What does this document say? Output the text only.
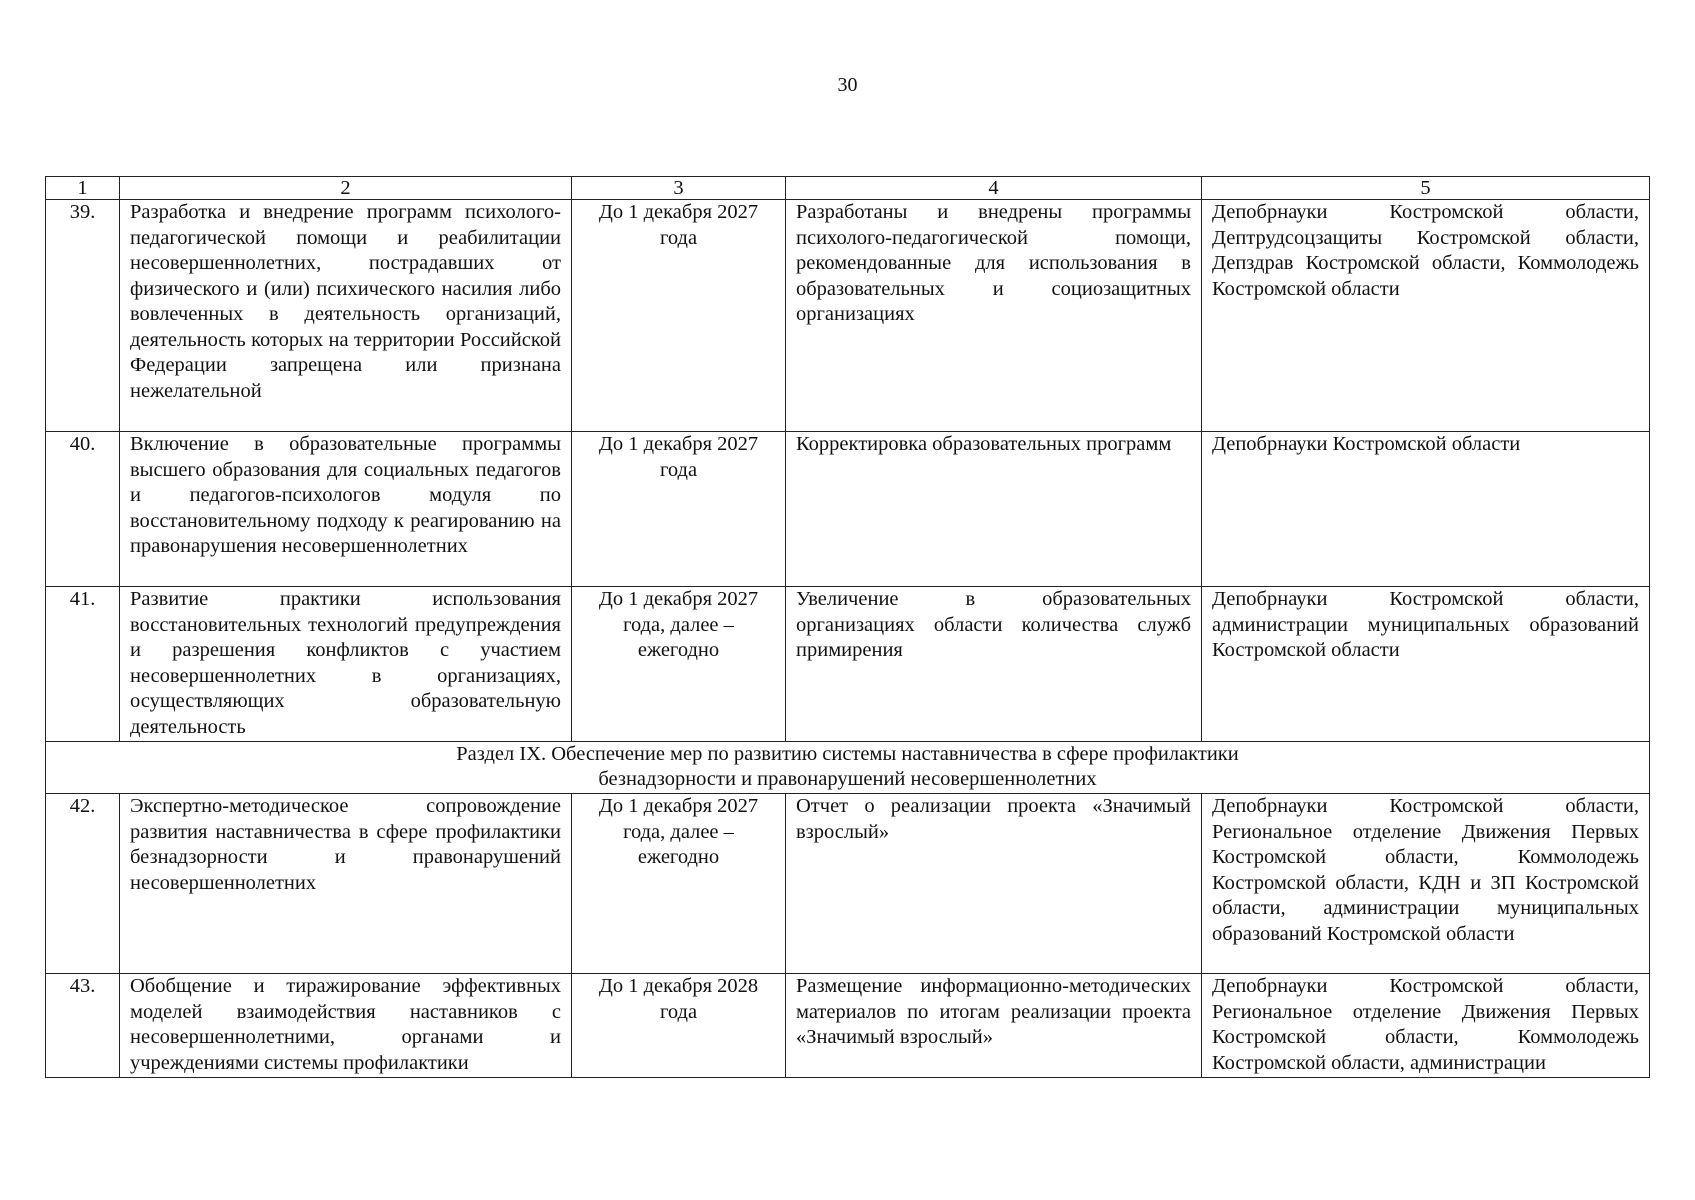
30
1	2	3	4	5
39.	Разработка и внедрение программ психолого-педагогической помощи и реабилитации несовершеннолетних, пострадавших от физического и (или) психического насилия либо вовлеченных в деятельность организаций, деятельность которых на территории Российской Федерации запрещена или признана нежелательной	До 1 декабря 2027 года	Разработаны и внедрены программы психолого-педагогической помощи, рекомендованные для использования в образовательных и социозащитных организациях	Депобрнауки Костромской области, Дептрудсоцзащиты Костромской области, Депздрав Костромской области, Коммолодежь Костромской области
40.	Включение в образовательные программы высшего образования для социальных педагогов и педагогов-психологов модуля по восстановительному подходу к реагированию на правонарушения несовершеннолетних	До 1 декабря 2027 года	Корректировка образовательных программ	Депобрнауки Костромской области
41.	Развитие практики использования восстановительных технологий предупреждения и разрешения конфликтов с участием несовершеннолетних в организациях, осуществляющих образовательную деятельность	До 1 декабря 2027 года, далее – ежегодно	Увеличение в образовательных организациях области количества служб примирения	Депобрнауки Костромской области, администрации муниципальных образований Костромской области

Раздел IX. Обеспечение мер по развитию системы наставничества в сфере профилактики
безнадзорности и правонарушений несовершеннолетних				

42.	Экспертно-методическое сопровождение развития наставничества в сфере профилактики безнадзорности и правонарушений несовершеннолетних	До 1 декабря 2027 года, далее – ежегодно	Отчет о реализации проекта «Значимый взрослый»	Депобрнауки Костромской области, Региональное отделение Движения Первых Костромской области, Коммолодежь Костромской области, КДН и ЗП Костромской области, администрации муниципальных образований Костромской области
43.	Обобщение и тиражирование эффективных моделей взаимодействия наставников с несовершеннолетними, органами и учреждениями системы профилактики	До 1 декабря 2028 года	Размещение информационно-методических материалов по итогам реализации проекта «Значимый взрослый»	Депобрнауки Костромской области, Региональное отделение Движения Первых Костромской области, Коммолодежь Костромской области, администрации
